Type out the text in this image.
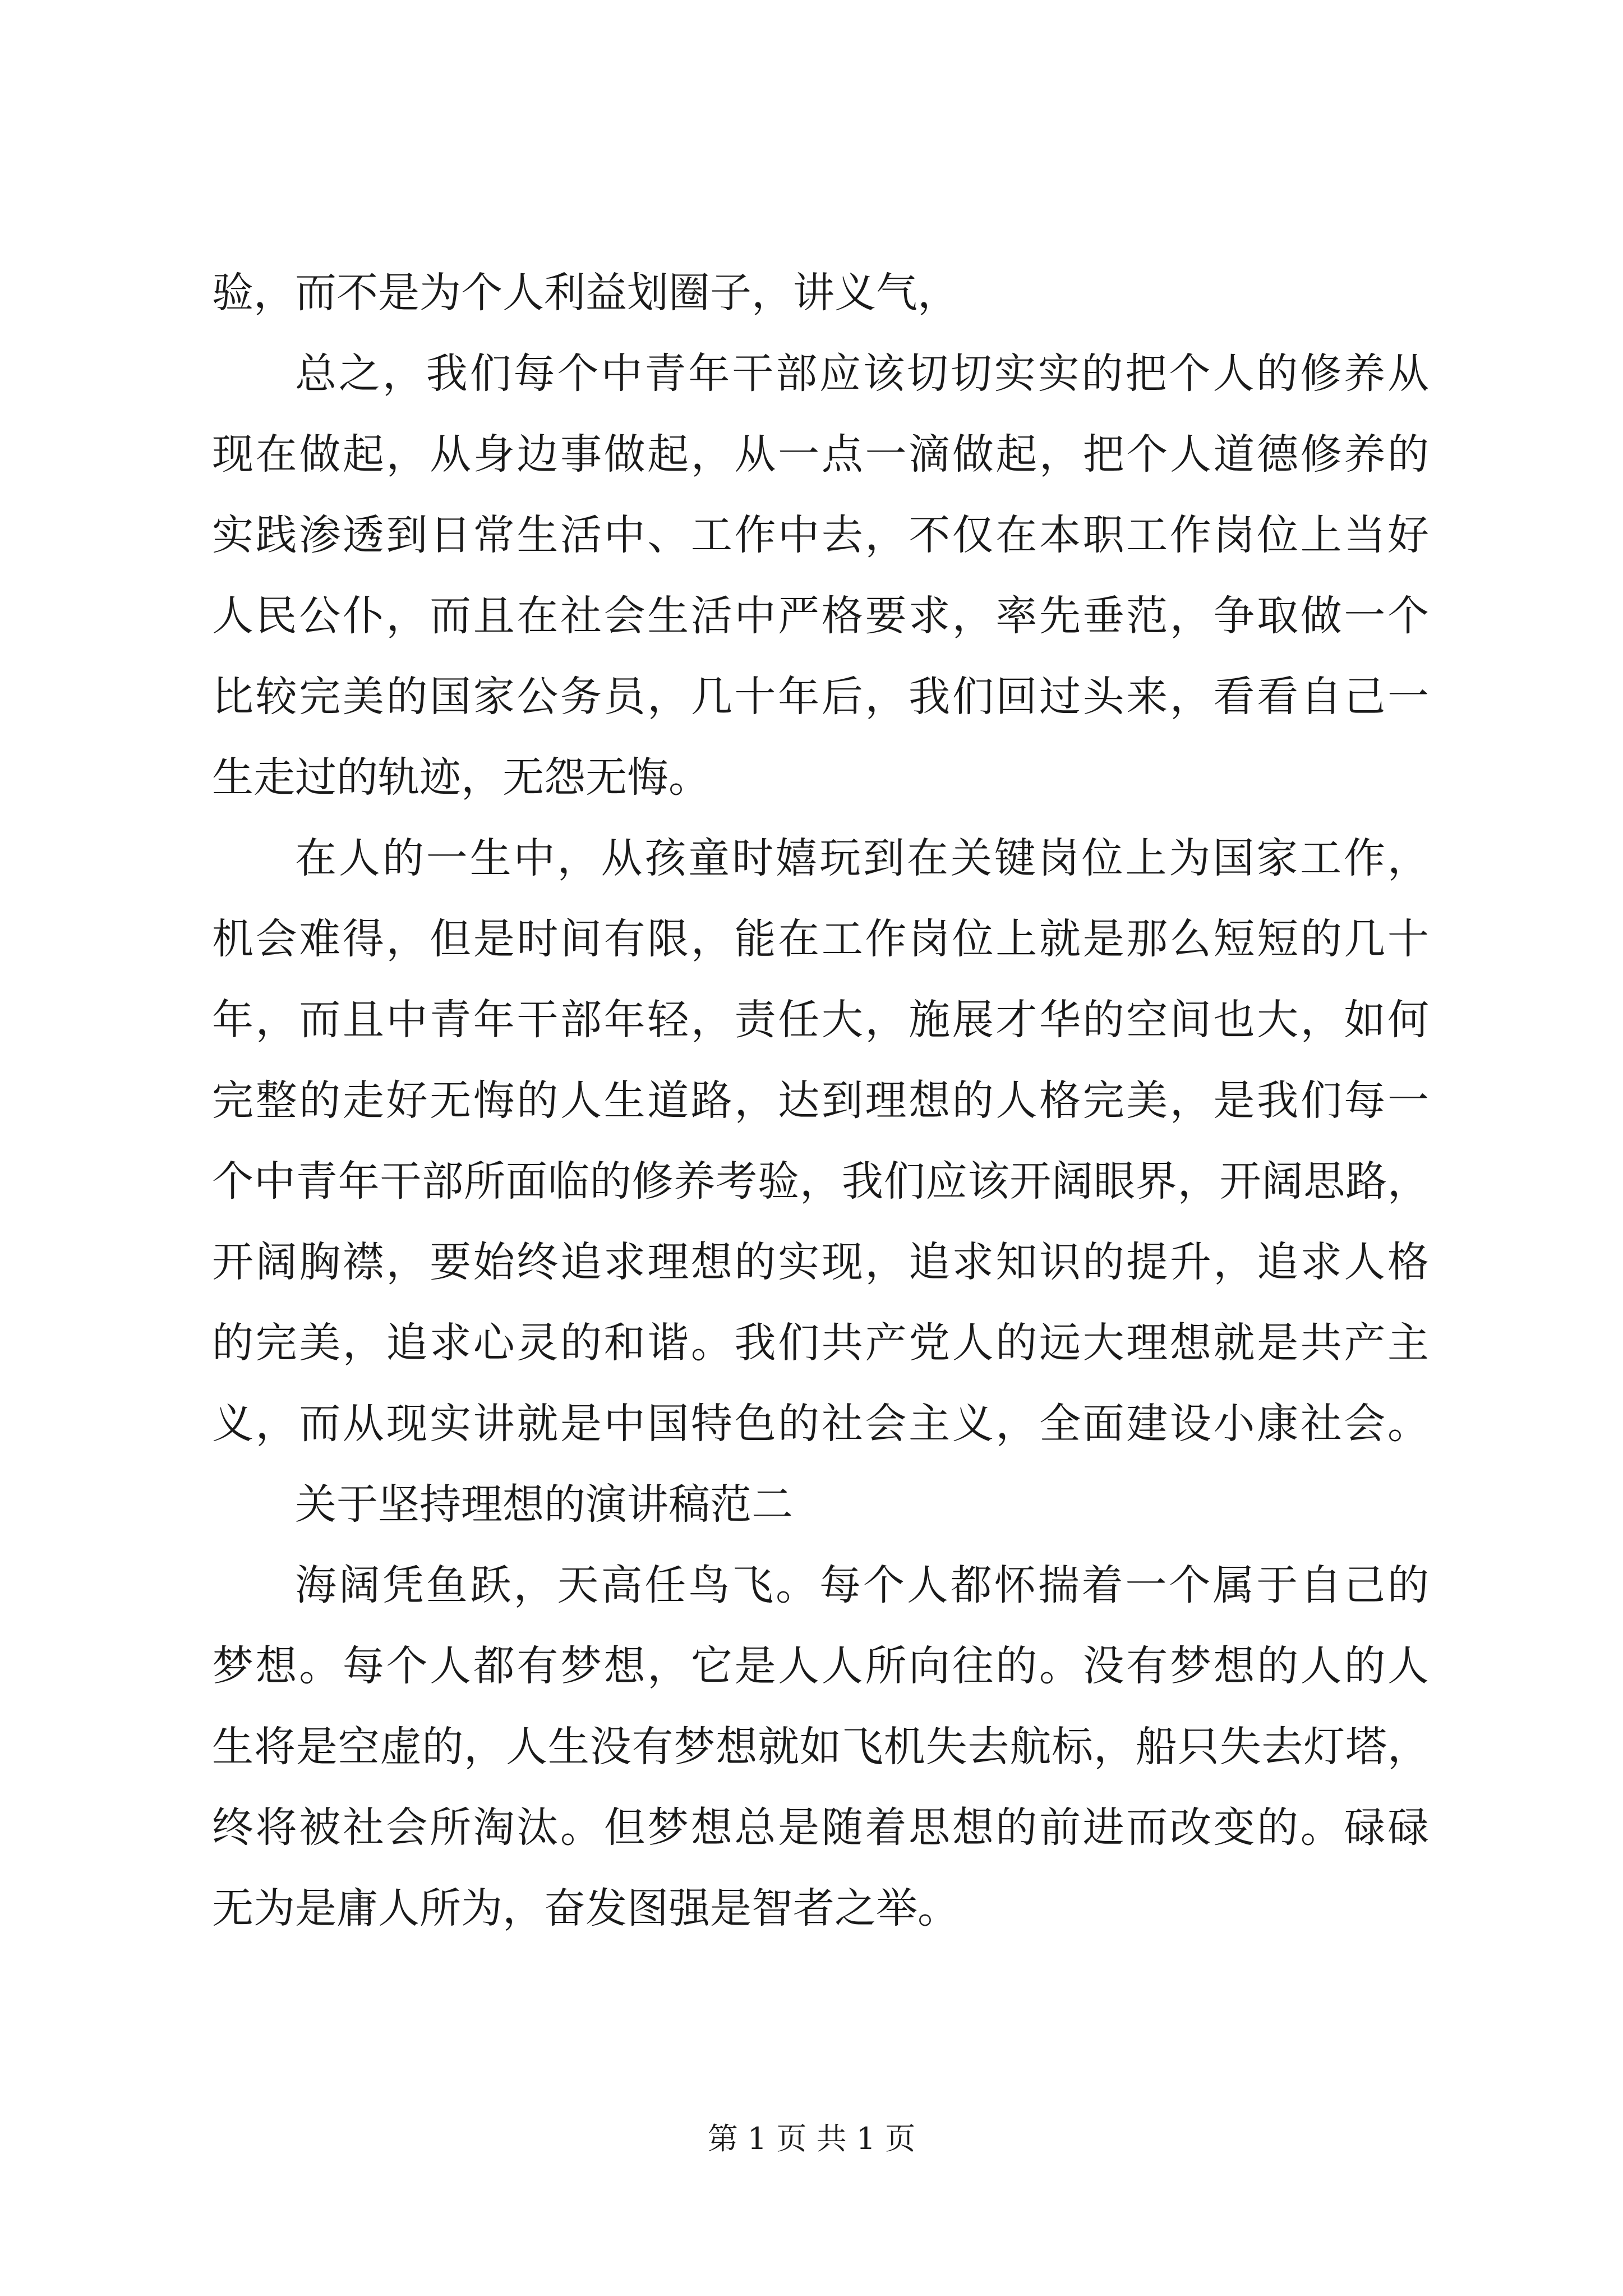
验，而不是为个人利益划圈子，讲义气，
总之，我们每个中青年干部应该切切实实的把个人的修养从
现在做起，从身边事做起，从一点一滴做起，把个人道德修养的
实践渗透到日常生活中、工作中去，不仅在本职工作岗位上当好
人民公仆，而且在社会生活中严格要求，率先垂范，争取做一个
比较完美的国家公务员，几十年后，我们回过头来，看看自己一
生走过的轨迹，无怨无悔。
在人的一生中，从孩童时嬉玩到在关键岗位上为国家工作，
机会难得，但是时间有限，能在工作岗位上就是那么短短的几十
年，而且中青年干部年轻，责任大，施展才华的空间也大，如何
完整的走好无悔的人生道路，达到理想的人格完美，是我们每一
个中青年干部所面临的修养考验，我们应该开阔眼界，开阔思路，
开阔胸襟，要始终追求理想的实现，追求知识的提升，追求人格
的完美，追求心灵的和谐。我们共产党人的远大理想就是共产主
义，而从现实讲就是中国特色的社会主义，全面建设小康社会。
关于坚持理想的演讲稿范二
海阔凭鱼跃，天高任鸟飞。每个人都怀揣着一个属于自己的
梦想。每个人都有梦想，它是人人所向往的。没有梦想的人的人
生将是空虚的，人生没有梦想就如飞机失去航标，船只失去灯塔，
终将被社会所淘汰。但梦想总是随着思想的前进而改变的。碌碌
无为是庸人所为，奋发图强是智者之举。
第 1 页 共 1 页
